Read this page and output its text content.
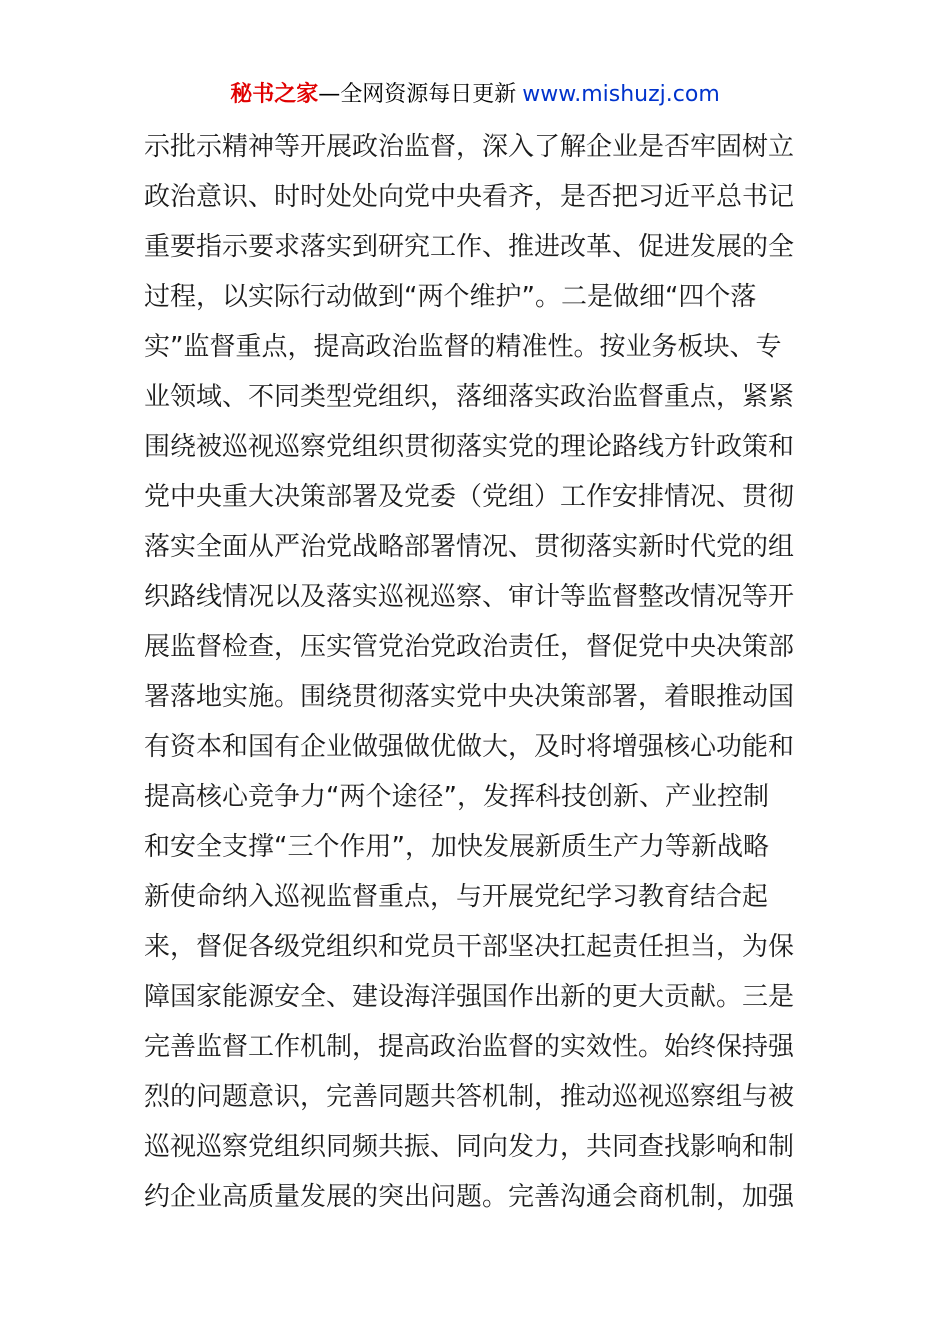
秘书之家—全网资源每日更新 www.mishuzj.com
示批示精神等开展政治监督，深入了解企业是否牢固树立
政治意识、时时处处向党中央看齐，是否把习近平总书记
重要指示要求落实到研究工作、推进改革、促进发展的全
过程，以实际行动做到“两个维护”。二是做细“四个落
实”监督重点，提高政治监督的精准性。按业务板块、专
业领域、不同类型党组织，落细落实政治监督重点，紧紧
围绕被巡视巡察党组织贯彻落实党的理论路线方针政策和
党中央重大决策部署及党委（党组）工作安排情况、贯彻
落实全面从严治党战略部署情况、贯彻落实新时代党的组
织路线情况以及落实巡视巡察、审计等监督整改情况等开
展监督检查，压实管党治党政治责任，督促党中央决策部
署落地实施。围绕贯彻落实党中央决策部署，着眼推动国
有资本和国有企业做强做优做大，及时将增强核心功能和
提高核心竞争力“两个途径”，发挥科技创新、产业控制
和安全支撑“三个作用”，加快发展新质生产力等新战略
新使命纳入巡视监督重点，与开展党纪学习教育结合起
来，督促各级党组织和党员干部坚决扛起责任担当，为保
障国家能源安全、建设海洋强国作出新的更大贡献。三是
完善监督工作机制，提高政治监督的实效性。始终保持强
烈的问题意识，完善同题共答机制，推动巡视巡察组与被
巡视巡察党组织同频共振、同向发力，共同查找影响和制
约企业高质量发展的突出问题。完善沟通会商机制，加强
